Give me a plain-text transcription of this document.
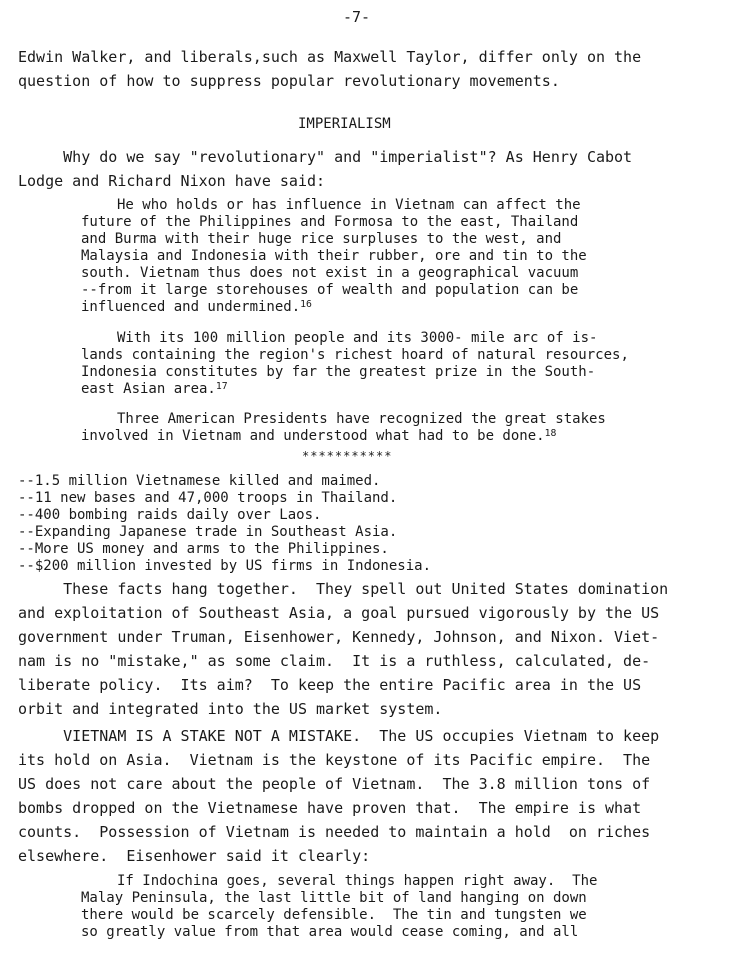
-7-
Edwin Walker, and liberals,such as Maxwell Taylor, differ only on the
question of how to suppress popular revolutionary movements.
IMPERIALISM
Why do we say "revolutionary" and "imperialist"? As Henry Cabot
Lodge and Richard Nixon have said:
He who holds or has influence in Vietnam can affect the
future of the Philippines and Formosa to the east, Thailand
and Burma with their huge rice surpluses to the west, and
Malaysia and Indonesia with their rubber, ore and tin to the
south. Vietnam thus does not exist in a geographical vacuum
--from it large storehouses of wealth and population can be
influenced and undermined.$^{16}$
With its 100 million people and its 3000- mile arc of is-
lands containing the region's richest hoard of natural resources,
Indonesia constitutes by far the greatest prize in the South-
east Asian area.$^{17}$
Three American Presidents have recognized the great stakes
involved in Vietnam and understood what had to be done.$^{18}$
***********
--1.5 million Vietnamese killed and maimed.
--11 new bases and 47,000 troops in Thailand.
--400 bombing raids daily over Laos.
--Expanding Japanese trade in Southeast Asia.
--More US money and arms to the Philippines.
--$200 million invested by US firms in Indonesia.
These facts hang together.  They spell out United States domination
and exploitation of Southeast Asia, a goal pursued vigorously by the US
government under Truman, Eisenhower, Kennedy, Johnson, and Nixon. Viet-
nam is no "mistake," as some claim.  It is a ruthless, calculated, de-
liberate policy.  Its aim?  To keep the entire Pacific area in the US
orbit and integrated into the US market system.
VIETNAM IS A STAKE NOT A MISTAKE.  The US occupies Vietnam to keep
its hold on Asia.  Vietnam is the keystone of its Pacific empire.  The
US does not care about the people of Vietnam.  The 3.8 million tons of
bombs dropped on the Vietnamese have proven that.  The empire is what
counts.  Possession of Vietnam is needed to maintain a hold  on riches
elsewhere.  Eisenhower said it clearly:
If Indochina goes, several things happen right away.  The
Malay Peninsula, the last little bit of land hanging on down
there would be scarcely defensible.  The tin and tungsten we
so greatly value from that area would cease coming, and all
